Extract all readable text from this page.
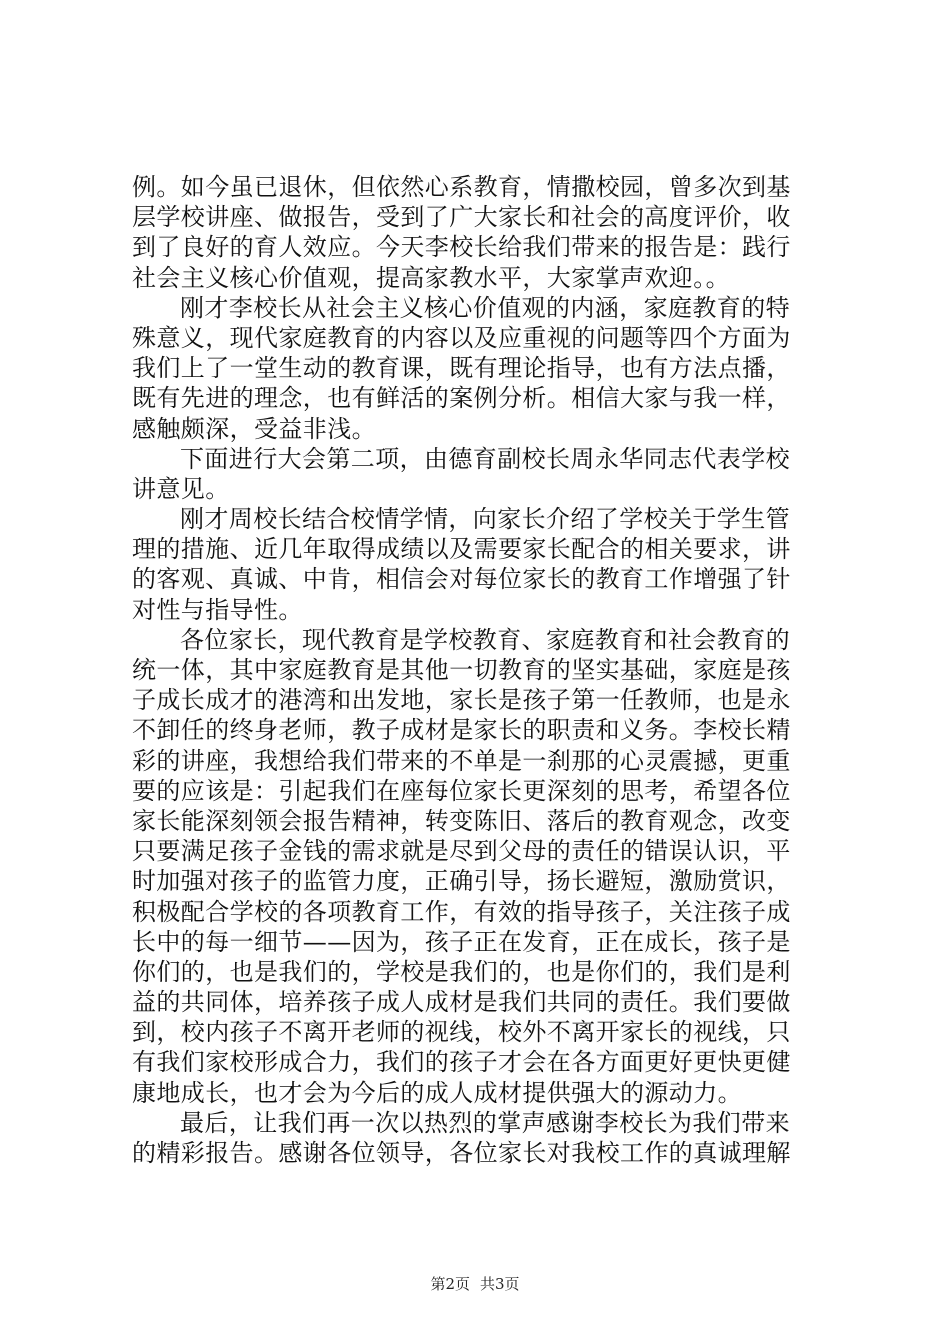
例。如今虽已退休，但依然心系教育，情撒校园，曾多次到基
层学校讲座、做报告，受到了广大家长和社会的高度评价，收
到了良好的育人效应。今天李校长给我们带来的报告是：践行
社会主义核心价值观，提高家教水平，大家掌声欢迎。。
刚才李校长从社会主义核心价值观的内涵，家庭教育的特
殊意义，现代家庭教育的内容以及应重视的问题等四个方面为
我们上了一堂生动的教育课，既有理论指导，也有方法点播，
既有先进的理念，也有鲜活的案例分析。相信大家与我一样，
感触颇深，受益非浅。
下面进行大会第二项，由德育副校长周永华同志代表学校
讲意见。
刚才周校长结合校情学情，向家长介绍了学校关于学生管
理的措施、近几年取得成绩以及需要家长配合的相关要求，讲
的客观、真诚、中肯，相信会对每位家长的教育工作增强了针
对性与指导性。
各位家长，现代教育是学校教育、家庭教育和社会教育的
统一体，其中家庭教育是其他一切教育的坚实基础，家庭是孩
子成长成才的港湾和出发地，家长是孩子第一任教师，也是永
不卸任的终身老师，教子成材是家长的职责和义务。李校长精
彩的讲座，我想给我们带来的不单是一刹那的心灵震撼，更重
要的应该是：引起我们在座每位家长更深刻的思考，希望各位
家长能深刻领会报告精神，转变陈旧、落后的教育观念，改变
只要满足孩子金钱的需求就是尽到父母的责任的错误认识，平
时加强对孩子的监管力度，正确引导，扬长避短，激励赏识，
积极配合学校的各项教育工作，有效的指导孩子，关注孩子成
长中的每一细节——因为，孩子正在发育，正在成长，孩子是
你们的，也是我们的，学校是我们的，也是你们的，我们是利
益的共同体，培养孩子成人成材是我们共同的责任。我们要做
到，校内孩子不离开老师的视线，校外不离开家长的视线，只
有我们家校形成合力，我们的孩子才会在各方面更好更快更健
康地成长，也才会为今后的成人成材提供强大的源动力。
最后，让我们再一次以热烈的掌声感谢李校长为我们带来
的精彩报告。感谢各位领导，各位家长对我校工作的真诚理解
第2页 共3页
